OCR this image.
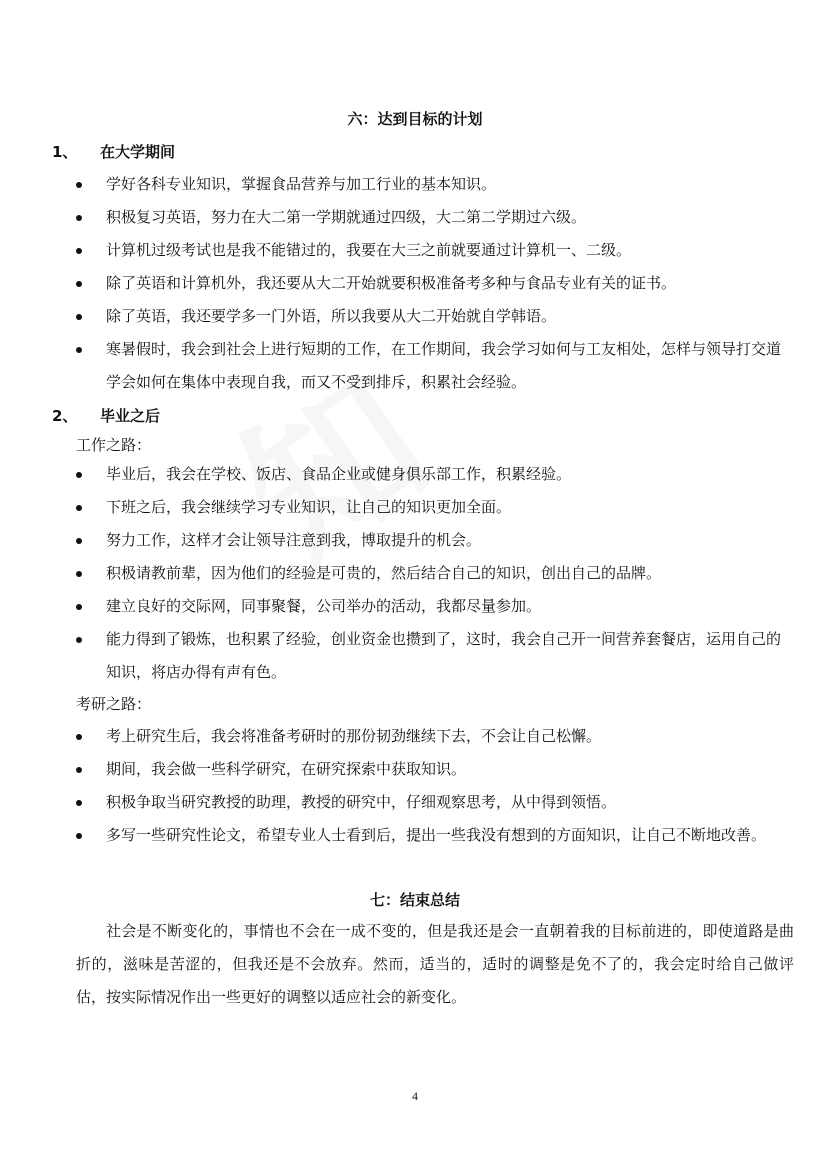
六：达到目标的计划
1、 在大学期间
学好各科专业知识，掌握食品营养与加工行业的基本知识。
积极复习英语，努力在大二第一学期就通过四级，大二第二学期过六级。
计算机过级考试也是我不能错过的，我要在大三之前就要通过计算机一、二级。
除了英语和计算机外，我还要从大二开始就要积极准备考多种与食品专业有关的证书。
除了英语，我还要学多一门外语，所以我要从大二开始就自学韩语。
寒暑假时，我会到社会上进行短期的工作，在工作期间，我会学习如何与工友相处，怎样与领导打交道学会如何在集体中表现自我，而又不受到排斥，积累社会经验。
2、 毕业之后
工作之路：
毕业后，我会在学校、饭店、食品企业或健身俱乐部工作，积累经验。
下班之后，我会继续学习专业知识，让自己的知识更加全面。
努力工作，这样才会让领导注意到我，博取提升的机会。
积极请教前辈，因为他们的经验是可贵的，然后结合自己的知识，创出自己的品牌。
建立良好的交际网，同事聚餐，公司举办的活动，我都尽量参加。
能力得到了锻炼，也积累了经验，创业资金也攒到了，这时，我会自己开一间营养套餐店，运用自己的知识，将店办得有声有色。
考研之路：
考上研究生后，我会将准备考研时的那份韧劲继续下去，不会让自己松懈。
期间，我会做一些科学研究，在研究探索中获取知识。
积极争取当研究教授的助理，教授的研究中，仔细观察思考，从中得到领悟。
多写一些研究性论文，希望专业人士看到后，提出一些我没有想到的方面知识，让自己不断地改善。
七：结束总结
社会是不断变化的，事情也不会在一成不变的，但是我还是会一直朝着我的目标前进的，即使道路是曲折的，滋味是苦涩的，但我还是不会放弃。然而，适当的，适时的调整是免不了的，我会定时给自己做评估，按实际情况作出一些更好的调整以适应社会的新变化。
4
